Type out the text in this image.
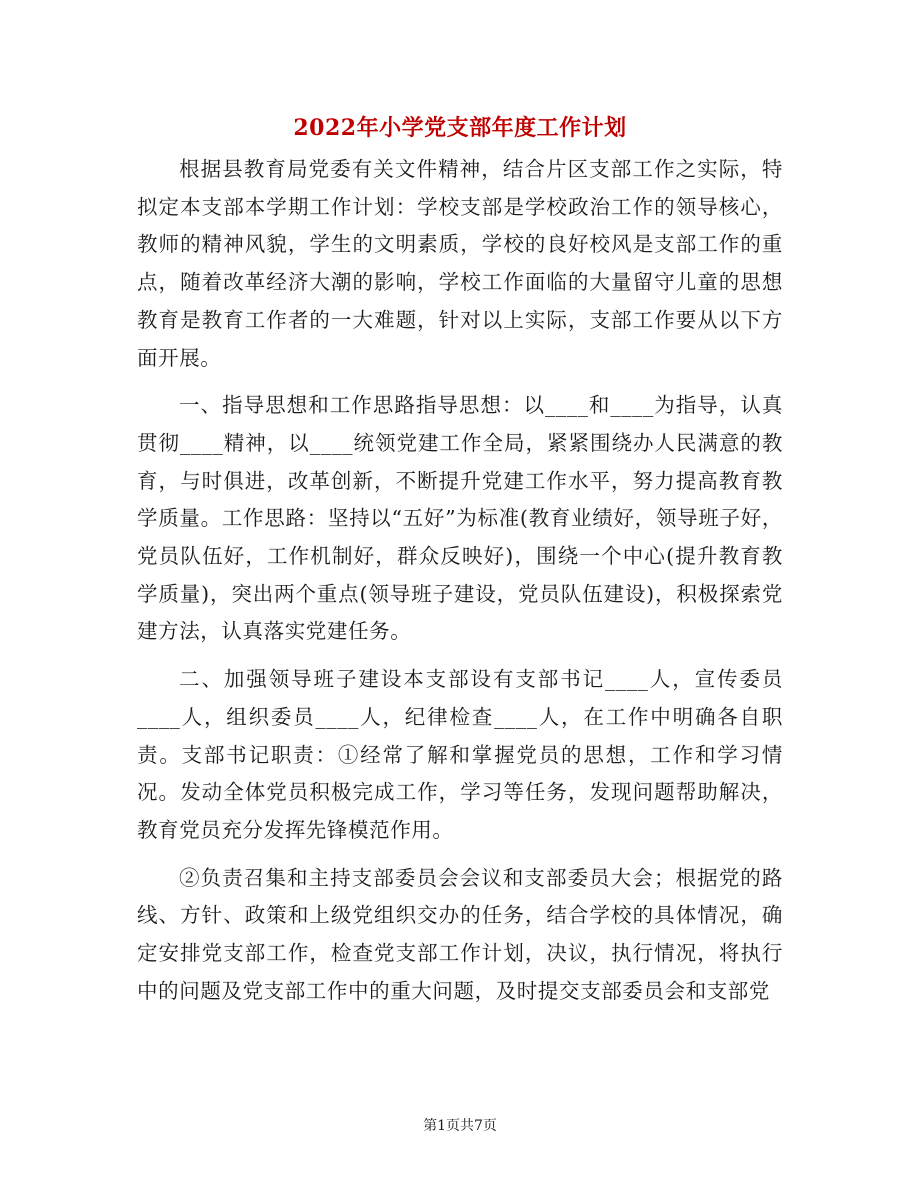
2022年小学党支部年度工作计划

根据县教育局党委有关文件精神，结合片区支部工作之实际，特拟定本支部本学期工作计划：学校支部是学校政治工作的领导核心，教师的精神风貌，学生的文明素质，学校的良好校风是支部工作的重点，随着改革经济大潮的影响，学校工作面临的大量留守儿童的思想教育是教育工作者的一大难题，针对以上实际，支部工作要从以下方面开展。

一、指导思想和工作思路指导思想：以____和____为指导，认真贯彻____精神，以____统领党建工作全局，紧紧围绕办人民满意的教育，与时俱进，改革创新，不断提升党建工作水平，努力提高教育教学质量。工作思路：坚持以“五好”为标准(教育业绩好，领导班子好，党员队伍好，工作机制好，群众反映好)，围绕一个中心(提升教育教学质量)，突出两个重点(领导班子建设，党员队伍建设)，积极探索党建方法，认真落实党建任务。

二、加强领导班子建设本支部设有支部书记____人，宣传委员____人，组织委员____人，纪律检查____人，在工作中明确各自职责。支部书记职责：①经常了解和掌握党员的思想，工作和学习情况。发动全体党员积极完成工作，学习等任务，发现问题帮助解决，教育党员充分发挥先锋模范作用。

②负责召集和主持支部委员会会议和支部委员大会；根据党的路线、方针、政策和上级党组织交办的任务，结合学校的具体情况，确定安排党支部工作，检查党支部工作计划，决议，执行情况，将执行中的问题及党支部工作中的重大问题，及时提交支部委员会和支部党

第1页共7页
